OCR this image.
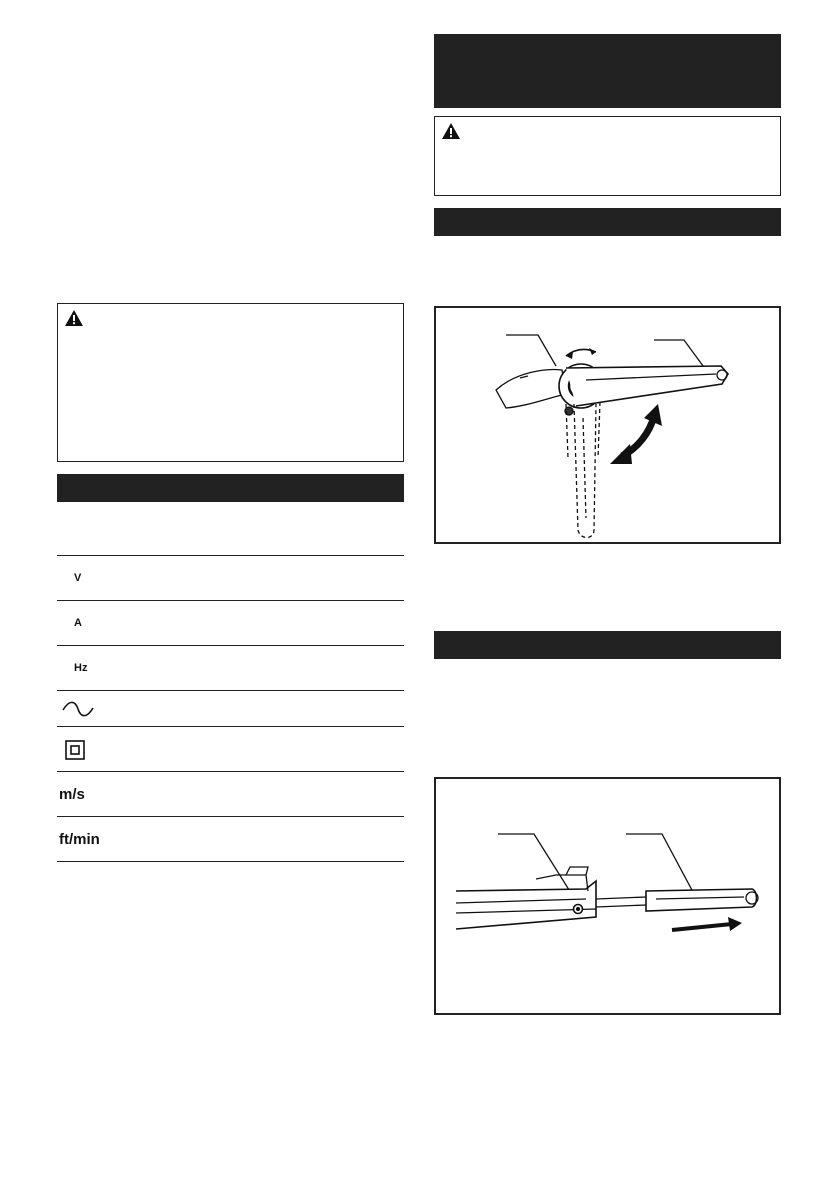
V
A
Hz
m/s
ft/min
